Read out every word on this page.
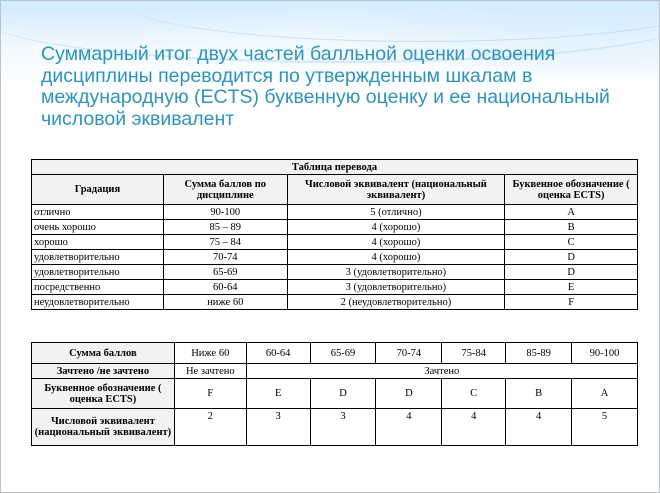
Суммарный итог двух частей балльной оценки освоения дисциплины переводится по утвержденным шкалам в международную (ECTS) буквенную оценку и ее национальный числовой эквивалент

Таблица перевода			
Градация	Сумма баллов по дисциплине	Числовой эквивалент (национальный эквивалент)	Буквенное обозначение ( оценка ECTS)
отлично	90-100	5 (отлично)	A
очень хорошо	85 – 89	4 (хорошо)	B
хорошо	75 – 84	4 (хорошо)	C
удовлетворительно	70-74	4 (хорошо)	D
удовлетворительно	65-69	3 (удовлетворительно)	D
посредственно	60-64	3 (удовлетворительно)	E
неудовлетворительно	ниже 60	2 (неудовлетворительно)	F
Сумма баллов	Ниже 60	60-64	65-69	70-74	75-84	85-89	90-100
Зачтено /не зачтено	Не зачтено	Зачтено					
Буквенное обозначение ( оценка ECTS)	F	E	D	D	C	B	A
Числовой эквивалент (национальный эквивалент)	2	3	3	4	4	4	5
